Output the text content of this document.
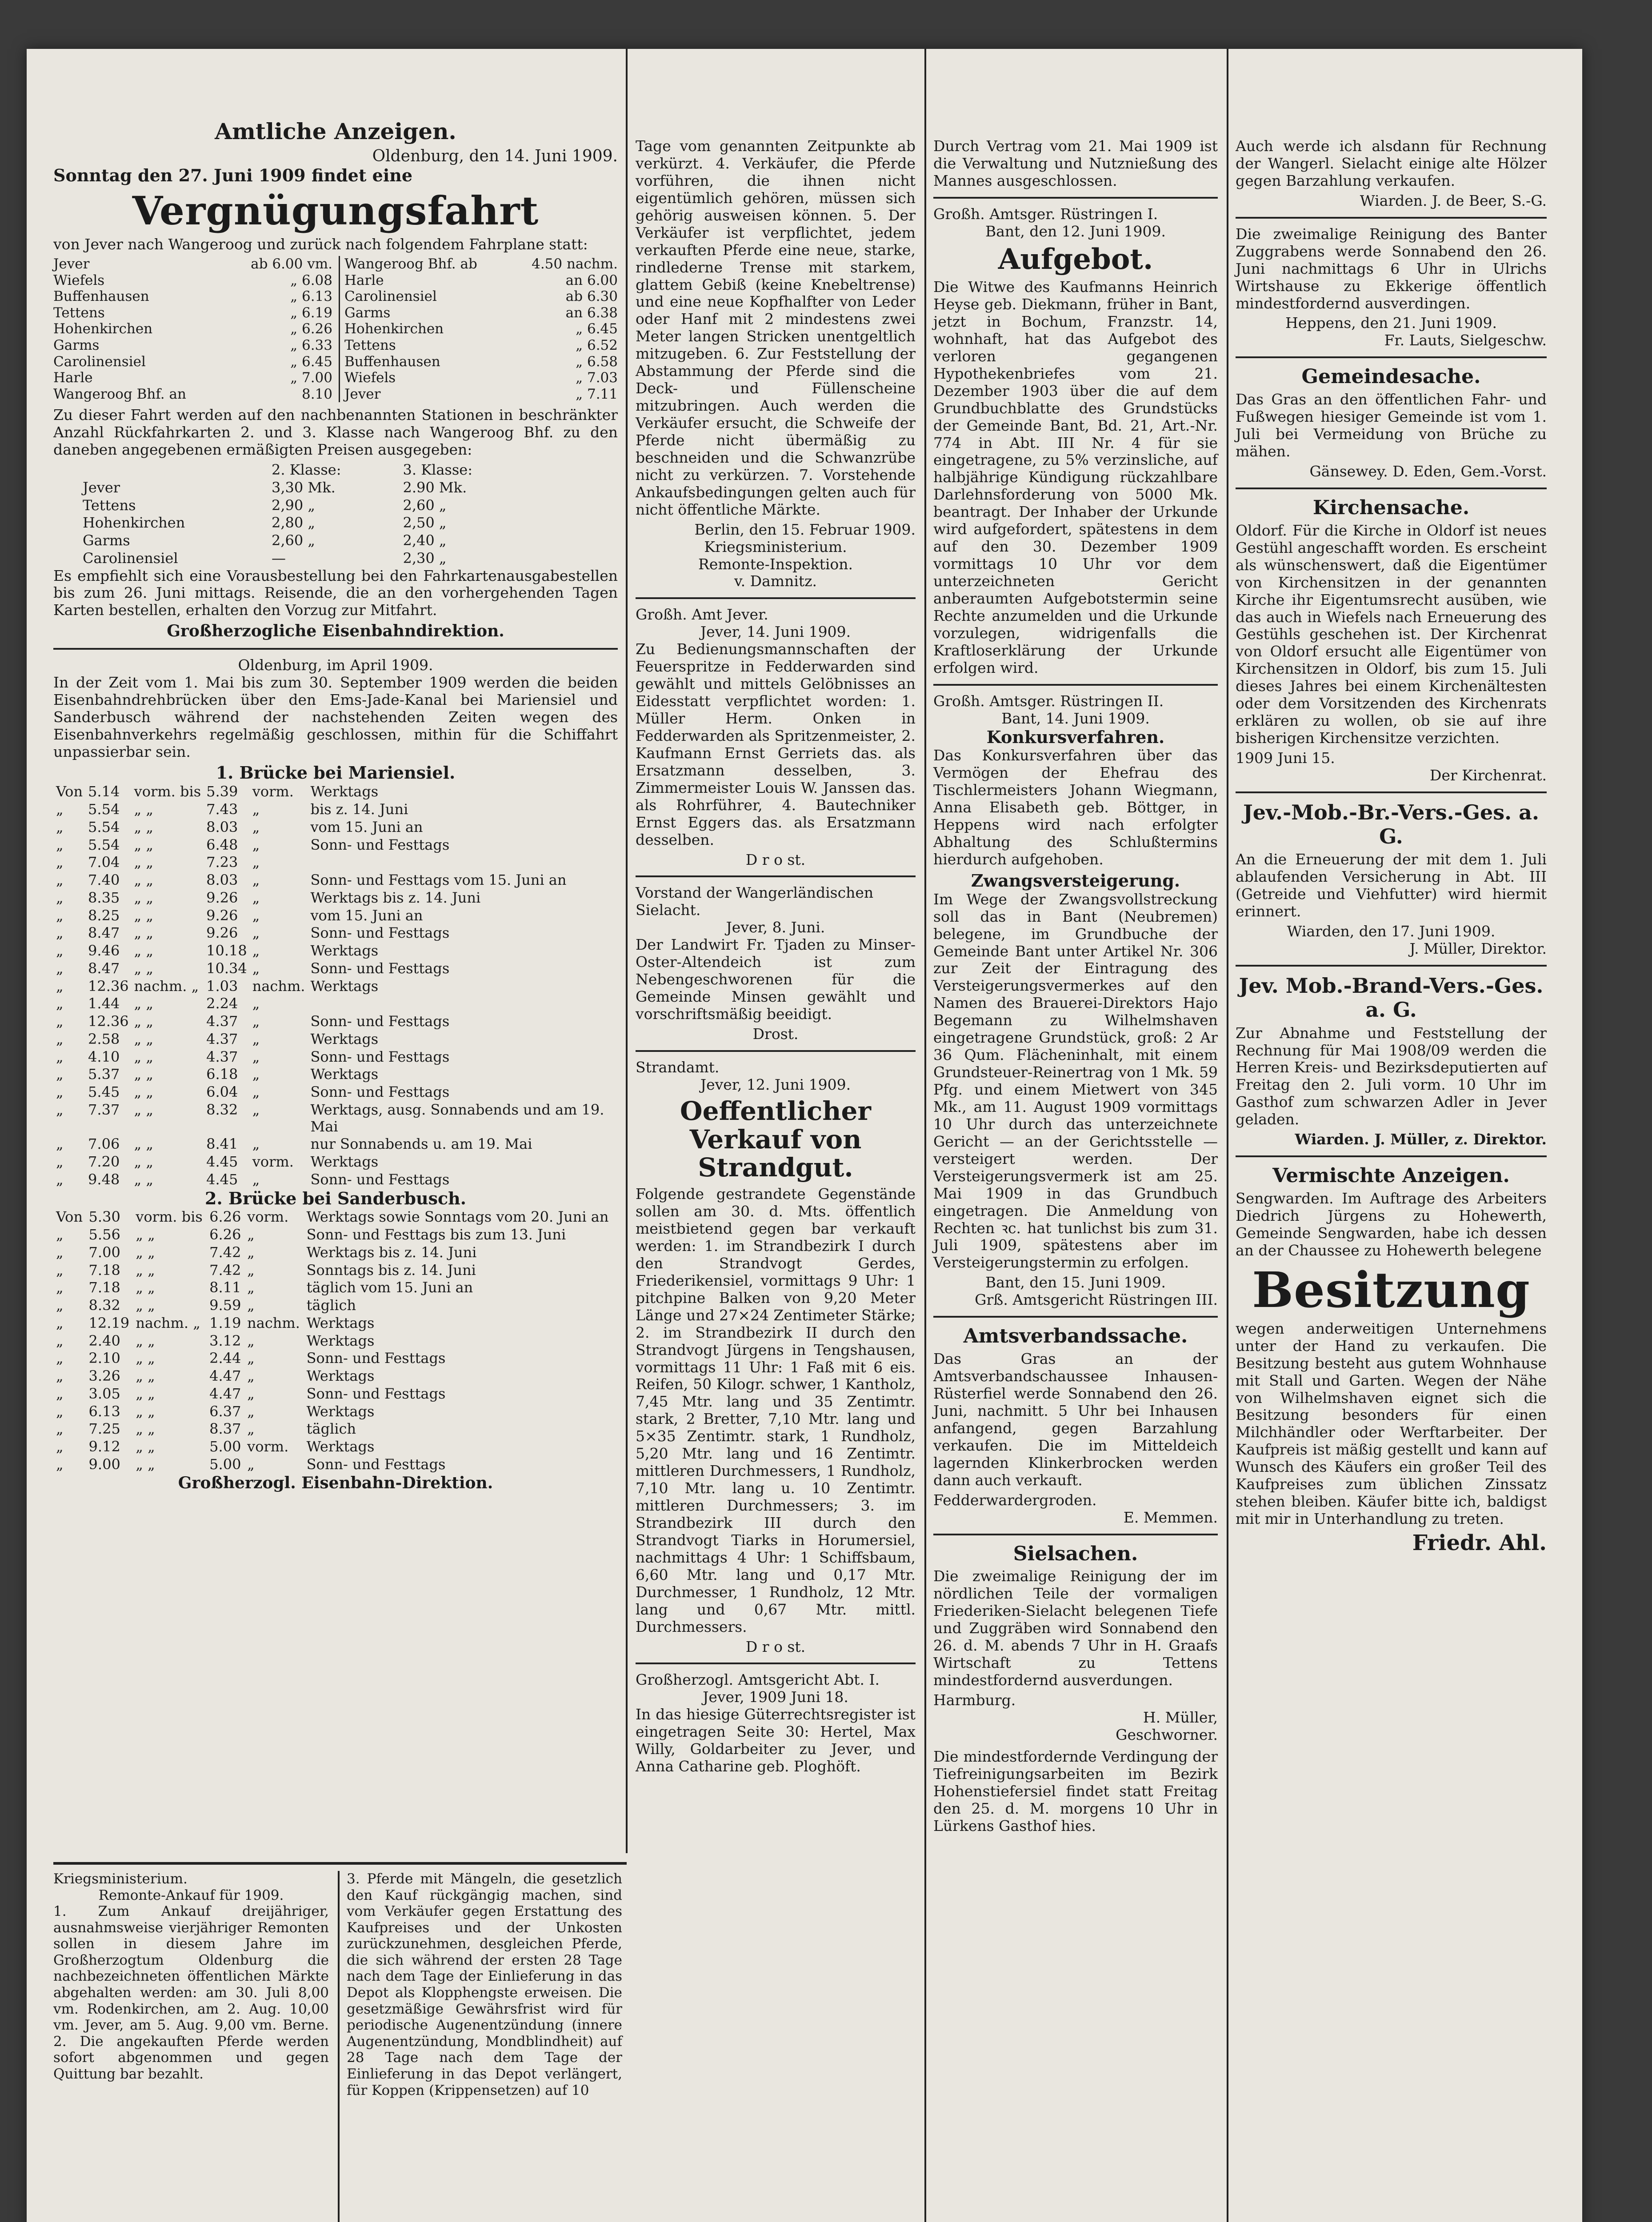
Amtliche Anzeigen.
Oldenburg, den 14. Juni 1909.
Sonntag den 27. Juni 1909 findet eine
Vergnügungsfahrt

von Jever nach Wangeroog und zurück nach folgendem Fahrplane statt:

Jever	ab 6.00 vm.
Wiefels	„ 6.08
Buffenhausen	„ 6.13
Tettens	„ 6.19
Hohenkirchen	„ 6.26
Garms	„ 6.33
Carolinensiel	„ 6.45
Harle	„ 7.00
Wangeroog Bhf. an	8.10
Wangeroog Bhf. ab	4.50 nachm.
Harle	an 6.00
Carolinensiel	ab 6.30
Garms	an 6.38
Hohenkirchen	„ 6.45
Tettens	„ 6.52
Buffenhausen	„ 6.58
Wiefels	„ 7.03
Jever	„ 7.11

Zu dieser Fahrt werden auf den nachbenannten Stationen in beschränkter Anzahl Rückfahrkarten 2. und 3. Klasse nach Wangeroog Bhf. zu den daneben angegebenen ermäßigten Preisen ausgegeben:

	2. Klasse:	3. Klasse:
Jever	3,30 Mk.	2.90 Mk.
Tettens	2,90 „	2,60 „
Hohenkirchen	2,80 „	2,50 „
Garms	2,60 „	2,40 „
Carolinensiel	—	2,30 „

Es empfiehlt sich eine Vorausbestellung bei den Fahrkartenausgabestellen bis zum 26. Juni mittags. Reisende, die an den vorhergehenden Tagen Karten bestellen, erhalten den Vorzug zur Mitfahrt.

Großherzogliche Eisenbahndirektion.
Oldenburg, im April 1909.

In der Zeit vom 1. Mai bis zum 30. September 1909 werden die beiden Eisenbahndrehbrücken über den Ems-Jade-Kanal bei Mariensiel und Sanderbusch während der nachstehenden Zeiten wegen des Eisenbahnverkehrs regelmäßig geschlossen, mithin für die Schiffahrt unpassierbar sein.

1. Brücke bei Mariensiel.
Von	5.14	vorm. bis	5.39	vorm.	Werktags
„	5.54	„ „	7.43	„	bis z. 14. Juni
„	5.54	„ „	8.03	„	vom 15. Juni an
„	5.54	„ „	6.48	„	Sonn- und Festtags
„	7.04	„ „	7.23	„	
„	7.40	„ „	8.03	„	Sonn- und Festtags vom 15. Juni an
„	8.35	„ „	9.26	„	Werktags bis z. 14. Juni
„	8.25	„ „	9.26	„	vom 15. Juni an
„	8.47	„ „	9.26	„	Sonn- und Festtags
„	9.46	„ „	10.18	„	Werktags
„	8.47	„ „	10.34	„	Sonn- und Festtags
„	12.36	nachm. „	1.03	nachm.	Werktags
„	1.44	„ „	2.24	„	
„	12.36	„ „	4.37	„	Sonn- und Festtags
„	2.58	„ „	4.37	„	Werktags
„	4.10	„ „	4.37	„	Sonn- und Festtags
„	5.37	„ „	6.18	„	Werktags
„	5.45	„ „	6.04	„	Sonn- und Festtags
„	7.37	„ „	8.32	„	Werktags, ausg. Sonnabends und am 19. Mai
„	7.06	„ „	8.41	„	nur Sonnabends u. am 19. Mai
„	7.20	„ „	4.45	vorm.	Werktags
„	9.48	„ „	4.45	„	Sonn- und Festtags
2. Brücke bei Sanderbusch.
Von	5.30	vorm. bis	6.26	vorm.	Werktags sowie Sonntags vom 20. Juni an
„	5.56	„ „	6.26	„	Sonn- und Festtags bis zum 13. Juni
„	7.00	„ „	7.42	„	Werktags bis z. 14. Juni
„	7.18	„ „	7.42	„	Sonntags bis z. 14. Juni
„	7.18	„ „	8.11	„	täglich vom 15. Juni an
„	8.32	„ „	9.59	„	täglich
„	12.19	nachm. „	1.19	nachm.	Werktags
„	2.40	„ „	3.12	„	Werktags
„	2.10	„ „	2.44	„	Sonn- und Festtags
„	3.26	„ „	4.47	„	Werktags
„	3.05	„ „	4.47	„	Sonn- und Festtags
„	6.13	„ „	6.37	„	Werktags
„	7.25	„ „	8.37	„	täglich
„	9.12	„ „	5.00	vorm.	Werktags
„	9.00	„ „	5.00	„	Sonn- und Festtags
Großherzogl. Eisenbahn-Direktion.
Kriegsministerium.
Remonte-Ankauf für 1909.

1. Zum Ankauf dreijähriger, ausnahmsweise vierjähriger Remonten sollen in diesem Jahre im Großherzogtum Oldenburg die nachbezeichneten öffentlichen Märkte abgehalten werden: am 30. Juli 8,00 vm. Rodenkirchen, am 2. Aug. 10,00 vm. Jever, am 5. Aug. 9,00 vm. Berne. 2. Die angekauften Pferde werden sofort abgenommen und gegen Quittung bar bezahlt.

3. Pferde mit Mängeln, die gesetzlich den Kauf rückgängig machen, sind vom Verkäufer gegen Erstattung des Kaufpreises und der Unkosten zurückzunehmen, desgleichen Pferde, die sich während der ersten 28 Tage nach dem Tage der Einlieferung in das Depot als Klopphengste erweisen. Die gesetzmäßige Gewährsfrist wird für periodische Augenentzündung (innere Augenentzündung, Mondblindheit) auf 28 Tage nach dem Tage der Einlieferung in das Depot verlängert, für Koppen (Krippensetzen) auf 10

Tage vom genannten Zeitpunkte ab verkürzt. 4. Verkäufer, die Pferde vorführen, die ihnen nicht eigentümlich gehören, müssen sich gehörig ausweisen können. 5. Der Verkäufer ist verpflichtet, jedem verkauften Pferde eine neue, starke, rindlederne Trense mit starkem, glattem Gebiß (keine Knebeltrense) und eine neue Kopfhalfter von Leder oder Hanf mit 2 mindestens zwei Meter langen Stricken unentgeltlich mitzugeben. 6. Zur Feststellung der Abstammung der Pferde sind die Deck- und Füllenscheine mitzubringen. Auch werden die Verkäufer ersucht, die Schweife der Pferde nicht übermäßig zu beschneiden und die Schwanzrübe nicht zu verkürzen. 7. Vorstehende Ankaufsbedingungen gelten auch für nicht öffentliche Märkte.

Berlin, den 15. Februar 1909.
Kriegsministerium.
Remonte-Inspektion.
v. Damnitz.
Großh. Amt Jever.
Jever, 14. Juni 1909.

Zu Bedienungsmannschaften der Feuerspritze in Fedderwarden sind gewählt und mittels Gelöbnisses an Eidesstatt verpflichtet worden: 1. Müller Herm. Onken in Fedderwarden als Spritzenmeister, 2. Kaufmann Ernst Gerriets das. als Ersatzmann desselben, 3. Zimmermeister Louis W. Janssen das. als Rohrführer, 4. Bautechniker Ernst Eggers das. als Ersatzmann desselben.

D r o st.
Vorstand der Wangerländischen Sielacht.
Jever, 8. Juni.

Der Landwirt Fr. Tjaden zu Minser-Oster-Altendeich ist zum Nebengeschworenen für die Gemeinde Minsen gewählt und vorschriftsmäßig beeidigt.

Drost.
Strandamt.
Jever, 12. Juni 1909.
Oeffentlicher Verkauf von Strandgut.

Folgende gestrandete Gegenstände sollen am 30. d. Mts. öffentlich meistbietend gegen bar verkauft werden: 1. im Strandbezirk I durch den Strandvogt Gerdes, Friederikensiel, vormittags 9 Uhr: 1 pitchpine Balken von 9,20 Meter Länge und 27×24 Zentimeter Stärke; 2. im Strandbezirk II durch den Strandvogt Jürgens in Tengshausen, vormittags 11 Uhr: 1 Faß mit 6 eis. Reifen, 50 Kilogr. schwer, 1 Kantholz, 7,45 Mtr. lang und 35 Zentimtr. stark, 2 Bretter, 7,10 Mtr. lang und 5×35 Zentimtr. stark, 1 Rundholz, 5,20 Mtr. lang und 16 Zentimtr. mittleren Durchmessers, 1 Rundholz, 7,10 Mtr. lang u. 10 Zentimtr. mittleren Durchmessers; 3. im Strandbezirk III durch den Strandvogt Tiarks in Horumersiel, nachmittags 4 Uhr: 1 Schiffsbaum, 6,60 Mtr. lang und 0,17 Mtr. Durchmesser, 1 Rundholz, 12 Mtr. lang und 0,67 Mtr. mittl. Durchmessers.

D r o st.
Großherzogl. Amtsgericht Abt. I.
Jever, 1909 Juni 18.

In das hiesige Güterrechtsregister ist eingetragen Seite 30: Hertel, Max Willy, Goldarbeiter zu Jever, und Anna Catharine geb. Ploghöft.

Durch Vertrag vom 21. Mai 1909 ist die Verwaltung und Nutznießung des Mannes ausgeschlossen.

Großh. Amtsger. Rüstringen I.
Bant, den 12. Juni 1909.
Aufgebot.

Die Witwe des Kaufmanns Heinrich Heyse geb. Diekmann, früher in Bant, jetzt in Bochum, Franzstr. 14, wohnhaft, hat das Aufgebot des verloren gegangenen Hypothekenbriefes vom 21. Dezember 1903 über die auf dem Grundbuchblatte des Grundstücks der Gemeinde Bant, Bd. 21, Art.-Nr. 774 in Abt. III Nr. 4 für sie eingetragene, zu 5% verzinsliche, auf halbjährige Kündigung rückzahlbare Darlehnsforderung von 5000 Mk. beantragt. Der Inhaber der Urkunde wird aufgefordert, spätestens in dem auf den 30. Dezember 1909 vormittags 10 Uhr vor dem unterzeichneten Gericht anberaumten Aufgebotstermin seine Rechte anzumelden und die Urkunde vorzulegen, widrigenfalls die Kraftloserklärung der Urkunde erfolgen wird.

Großh. Amtsger. Rüstringen II.
Bant, 14. Juni 1909.
Konkursverfahren.

Das Konkursverfahren über das Vermögen der Ehefrau des Tischlermeisters Johann Wiegmann, Anna Elisabeth geb. Böttger, in Heppens wird nach erfolgter Abhaltung des Schlußtermins hierdurch aufgehoben.

Zwangsversteigerung.

Im Wege der Zwangsvollstreckung soll das in Bant (Neubremen) belegene, im Grundbuche der Gemeinde Bant unter Artikel Nr. 306 zur Zeit der Eintragung des Versteigerungsvermerkes auf den Namen des Brauerei-Direktors Hajo Begemann zu Wilhelmshaven eingetragene Grundstück, groß: 2 Ar 36 Qum. Flächeninhalt, mit einem Grundsteuer-Reinertrag von 1 Mk. 59 Pfg. und einem Mietwert von 345 Mk., am 11. August 1909 vormittags 10 Uhr durch das unterzeichnete Gericht — an der Gerichtsstelle — versteigert werden. Der Versteigerungsvermerk ist am 25. Mai 1909 in das Grundbuch eingetragen. Die Anmeldung von Rechten ꝛc. hat tunlichst bis zum 31. Juli 1909, spätestens aber im Versteigerungstermin zu erfolgen.

Bant, den 15. Juni 1909.
Grß. Amtsgericht Rüstringen III.
Amtsverbandssache.

Das Gras an der Amtsverbandschaussee Inhausen-Rüsterfiel werde Sonnabend den 26. Juni, nachmitt. 5 Uhr bei Inhausen anfangend, gegen Barzahlung verkaufen. Die im Mitteldeich lagernden Klinkerbrocken werden dann auch verkauft.

Fedderwardergroden.
E. Memmen.
Sielsachen.

Die zweimalige Reinigung der im nördlichen Teile der vormaligen Friederiken-Sielacht belegenen Tiefe und Zuggräben wird Sonnabend den 26. d. M. abends 7 Uhr in H. Graafs Wirtschaft zu Tettens mindestfordernd ausverdungen.

Harmburg.
H. Müller,
Geschworner.

Die mindestfordernde Verdingung der Tiefreinigungsarbeiten im Bezirk Hohenstiefersiel findet statt Freitag den 25. d. M. morgens 10 Uhr in Lürkens Gasthof hies.

Auch werde ich alsdann für Rechnung der Wangerl. Sielacht einige alte Hölzer gegen Barzahlung verkaufen.

Wiarden. J. de Beer, S.-G.

Die zweimalige Reinigung des Banter Zuggrabens werde Sonnabend den 26. Juni nachmittags 6 Uhr in Ulrichs Wirtshause zu Ekkerige öffentlich mindestfordernd ausverdingen.

Heppens, den 21. Juni 1909.
Fr. Lauts, Sielgeschw.
Gemeindesache.

Das Gras an den öffentlichen Fahr- und Fußwegen hiesiger Gemeinde ist vom 1. Juli bei Vermeidung von Brüche zu mähen.

Gänsewey. D. Eden, Gem.-Vorst.
Kirchensache.

Oldorf. Für die Kirche in Oldorf ist neues Gestühl angeschafft worden. Es erscheint als wünschenswert, daß die Eigentümer von Kirchensitzen in der genannten Kirche ihr Eigentumsrecht ausüben, wie das auch in Wiefels nach Erneuerung des Gestühls geschehen ist. Der Kirchenrat von Oldorf ersucht alle Eigentümer von Kirchensitzen in Oldorf, bis zum 15. Juli dieses Jahres bei einem Kirchenältesten oder dem Vorsitzenden des Kirchenrats erklären zu wollen, ob sie auf ihre bisherigen Kirchensitze verzichten.

1909 Juni 15.
Der Kirchenrat.
Jev.-Mob.-Br.-Vers.-Ges. a. G.

An die Erneuerung der mit dem 1. Juli ablaufenden Versicherung in Abt. III (Getreide und Viehfutter) wird hiermit erinnert.

Wiarden, den 17. Juni 1909.
J. Müller, Direktor.
Jev. Mob.-Brand-Vers.-Ges. a. G.

Zur Abnahme und Feststellung der Rechnung für Mai 1908/09 werden die Herren Kreis- und Bezirksdeputierten auf Freitag den 2. Juli vorm. 10 Uhr im Gasthof zum schwarzen Adler in Jever geladen.

Wiarden. J. Müller, z. Direktor.
Vermischte Anzeigen.

Sengwarden. Im Auftrage des Arbeiters Diedrich Jürgens zu Hohewerth, Gemeinde Sengwarden, habe ich dessen an der Chaussee zu Hohewerth belegene

Besitzung

wegen anderweitigen Unternehmens unter der Hand zu verkaufen. Die Besitzung besteht aus gutem Wohnhause mit Stall und Garten. Wegen der Nähe von Wilhelmshaven eignet sich die Besitzung besonders für einen Milchhändler oder Werftarbeiter. Der Kaufpreis ist mäßig gestellt und kann auf Wunsch des Käufers ein großer Teil des Kaufpreises zum üblichen Zinssatz stehen bleiben. Käufer bitte ich, baldigst mit mir in Unterhandlung zu treten.

Friedr. Ahl.
